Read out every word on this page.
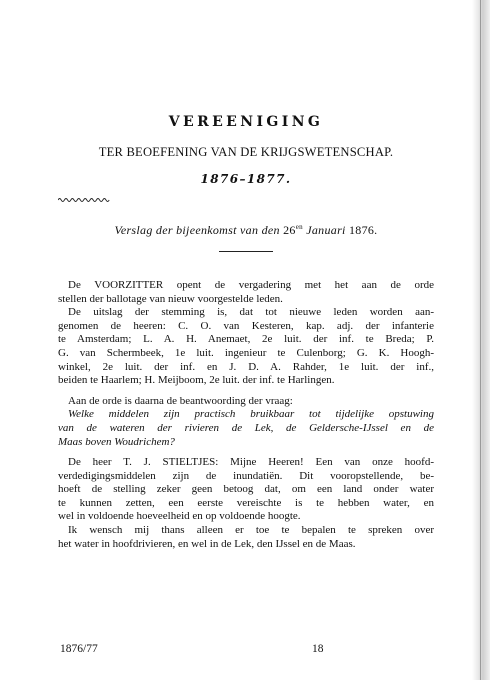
VEREENIGING
TER BEOEFENING VAN DE KRIJGSWETENSCHAP.
1876–1877.
Verslag der bijeenkomst van den $26^{en}$ Januari 1876.
De VOORZITTER opent de vergadering met het aan de orde
stellen der ballotage van nieuw voorgestelde leden.
De uitslag der stemming is, dat tot nieuwe leden worden aan-
genomen de heeren: C. O. van Kesteren, kap. adj. der infanterie
te Amsterdam; L. A. H. Anemaet, 2e luit. der inf. te Breda; P.
G. van Schermbeek, 1e luit. ingenieur te Culenborg; G. K. Hoogh-
winkel, 2e luit. der inf. en J. D. A. Rahder, 1e luit. der inf.,
beiden te Haarlem; H. Meijboom, 2e luit. der inf. te Harlingen.
Aan de orde is daarna de beantwoording der vraag:
Welke middelen zijn practisch bruikbaar tot tijdelijke opstuwing
van de wateren der rivieren de Lek, de Geldersche-IJssel en de
Maas boven Woudrichem?
De heer T. J. STIELTJES: Mijne Heeren! Een van onze hoofd-
verdedigingsmiddelen zijn de inundatiën. Dit vooropstellende, be-
hoeft de stelling zeker geen betoog dat, om een land onder water
te kunnen zetten, een eerste vereischte is te hebben water, en
wel in voldoende hoeveelheid en op voldoende hoogte.
Ik wensch mij thans alleen er toe te bepalen te spreken over
het water in hoofdrivieren, en wel in de Lek, den IJssel en de Maas.
1876/77	18
